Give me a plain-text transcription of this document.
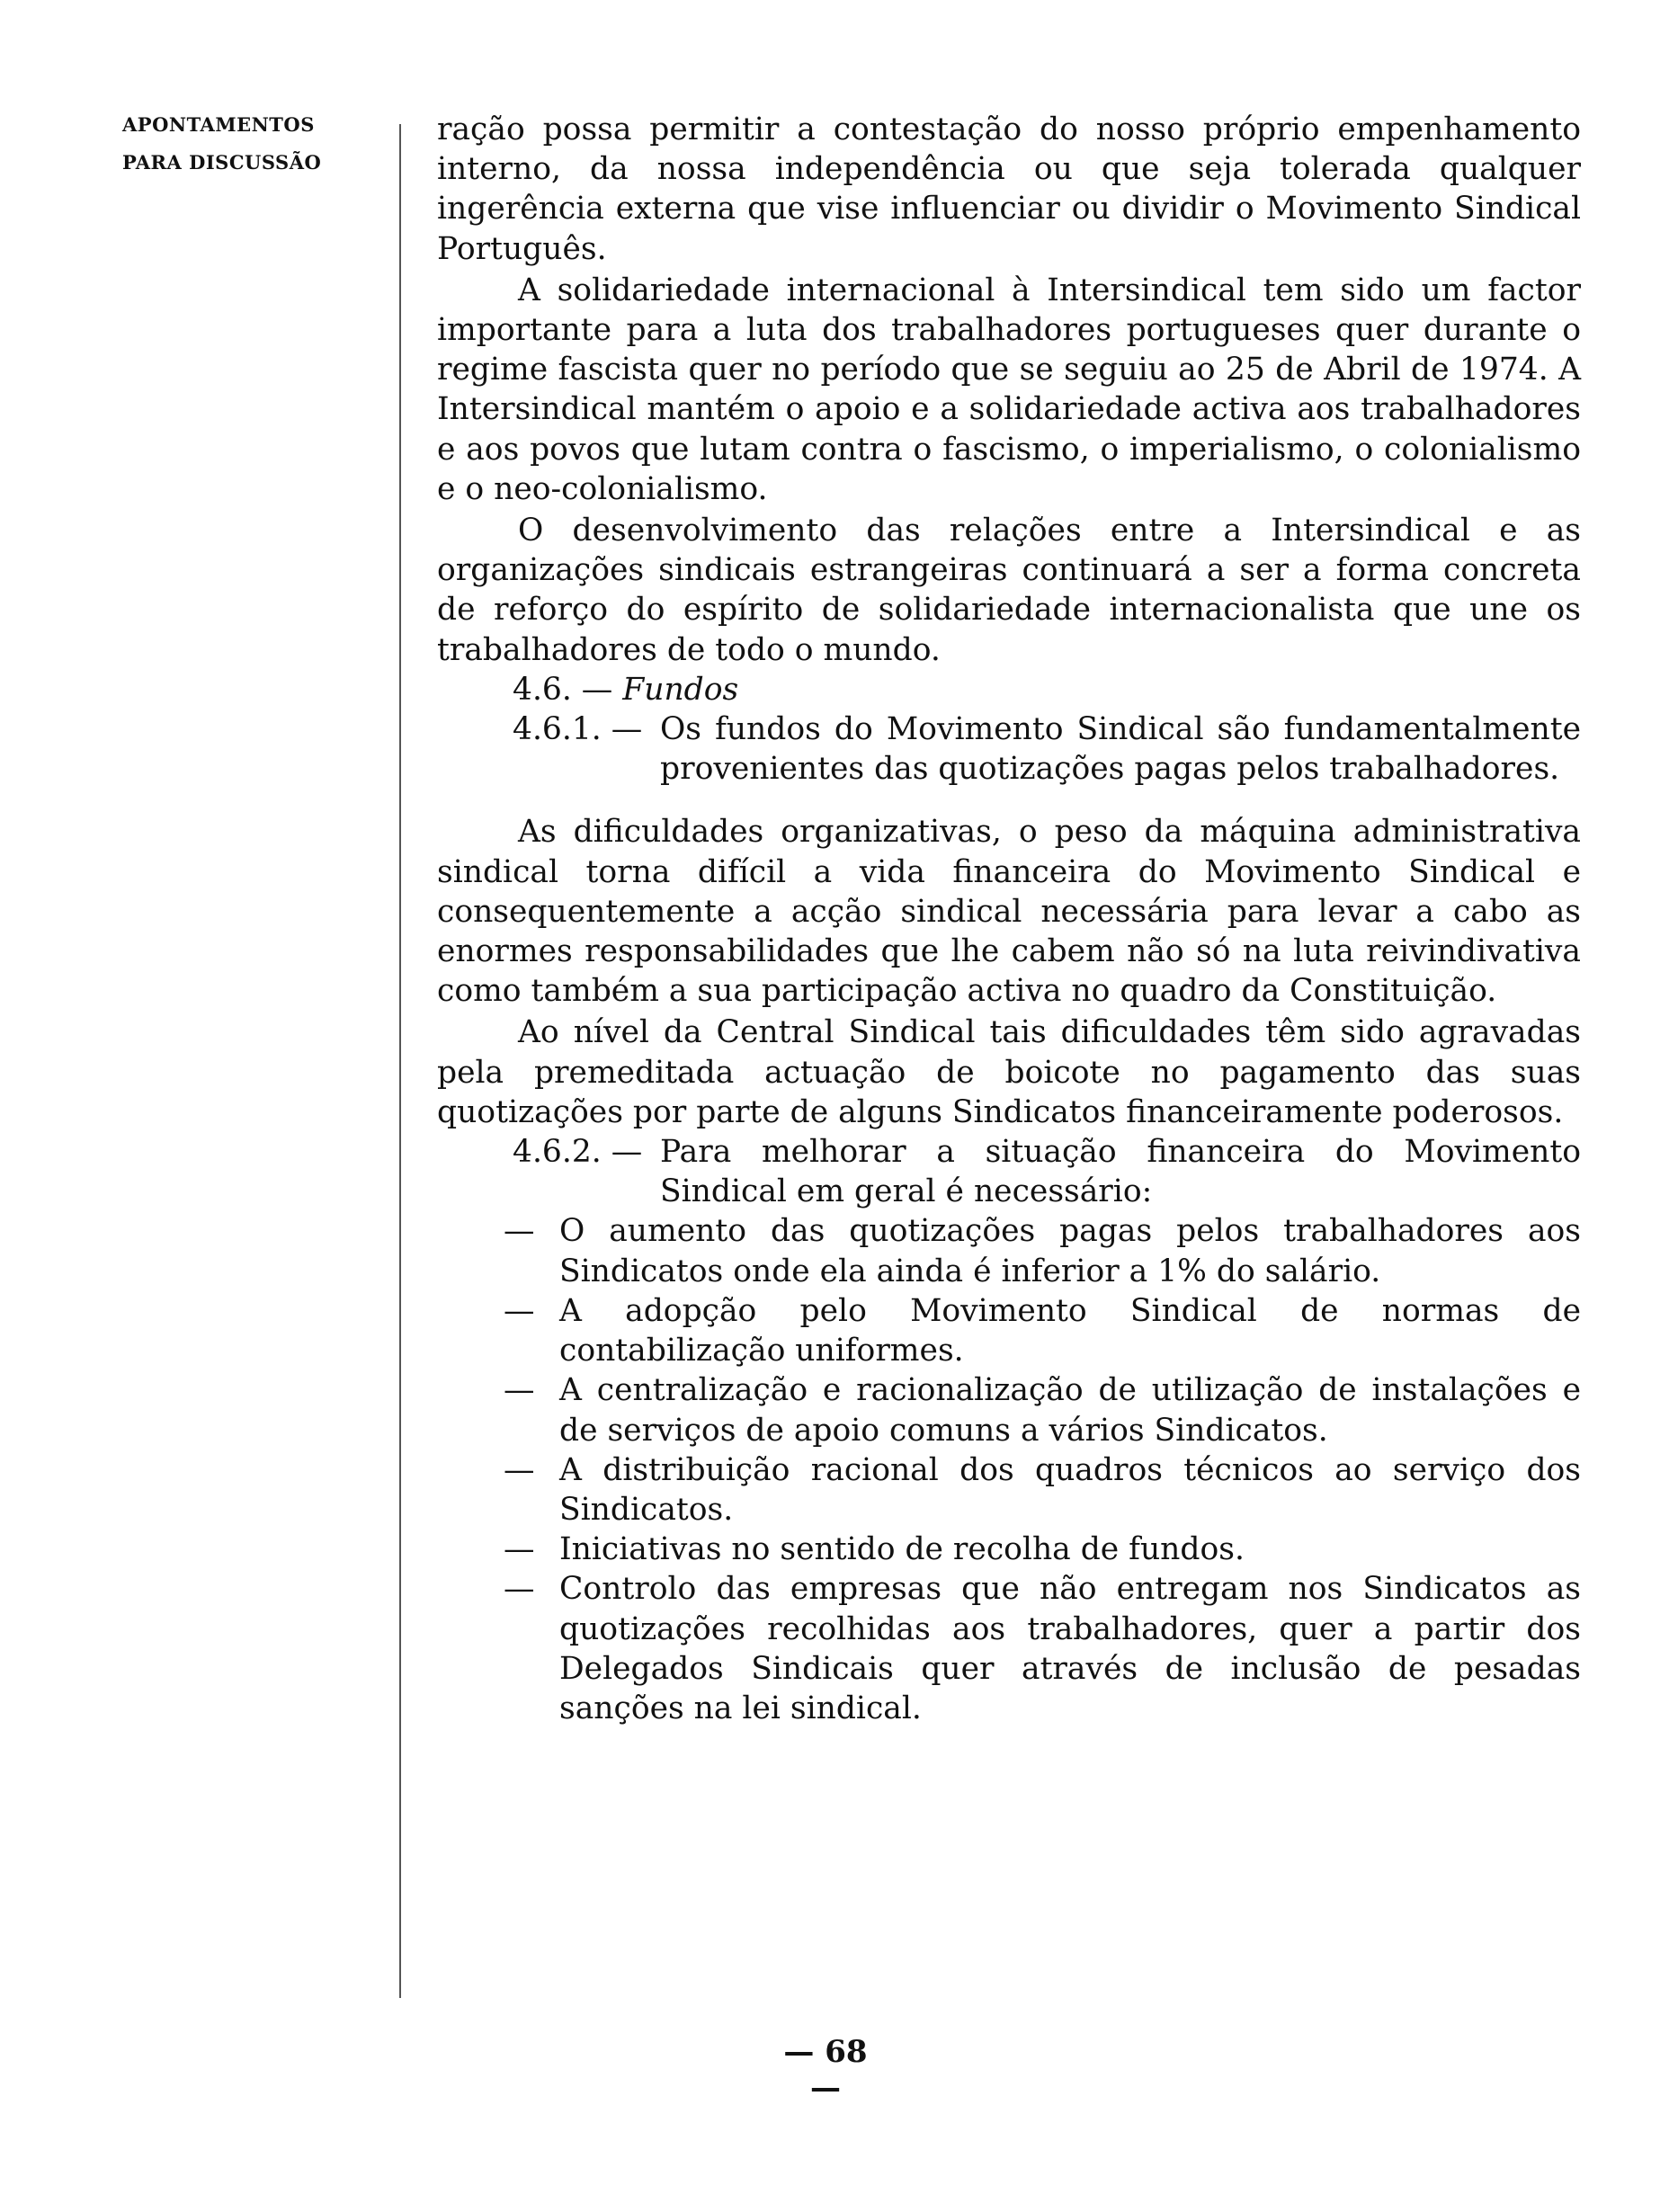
APONTAMENTOS
PARA DISCUSSÃO

ração possa permitir a contestação do nosso próprio empenhamento interno, da nossa independência ou que seja tolerada qualquer ingerência externa que vise influenciar ou dividir o Movimento Sindical Português.

A solidariedade internacional à Intersindical tem sido um factor importante para a luta dos trabalhadores portugueses quer durante o regime fascista quer no período que se seguiu ao 25 de Abril de 1974. A Intersindical mantém o apoio e a solidariedade activa aos trabalhadores e aos povos que lutam contra o fascismo, o imperialismo, o colonialismo e o neo-colonialismo.

O desenvolvimento das relações entre a Intersindical e as organizações sindicais estrangeiras continuará a ser a forma concreta de reforço do espírito de solidariedade internacionalista que une os trabalhadores de todo o mundo.

4.6. — Fundos

4.6.1. — Os fundos do Movimento Sindical são fundamentalmente provenientes das quotizações pagas pelos trabalhadores.

As dificuldades organizativas, o peso da máquina administrativa sindical torna difícil a vida financeira do Movimento Sindical e consequentemente a acção sindical necessária para levar a cabo as enormes responsabilidades que lhe cabem não só na luta reivindivativa como também a sua participação activa no quadro da Constituição.

Ao nível da Central Sindical tais dificuldades têm sido agravadas pela premeditada actuação de boicote no pagamento das suas quotizações por parte de alguns Sindicatos financeiramente poderosos.

4.6.2. — Para melhorar a situação financeira do Movimento Sindical em geral é necessário:
— O aumento das quotizações pagas pelos trabalhadores aos Sindicatos onde ela ainda é inferior a 1% do salário.
— A adopção pelo Movimento Sindical de normas de contabilização uniformes.
— A centralização e racionalização de utilização de instalações e de serviços de apoio comuns a vários Sindicatos.
— A distribuição racional dos quadros técnicos ao serviço dos Sindicatos.
— Iniciativas no sentido de recolha de fundos.
— Controlo das empresas que não entregam nos Sindicatos as quotizações recolhidas aos trabalhadores, quer a partir dos Delegados Sindicais quer através de inclusão de pesadas sanções na lei sindical.
— 68 —
